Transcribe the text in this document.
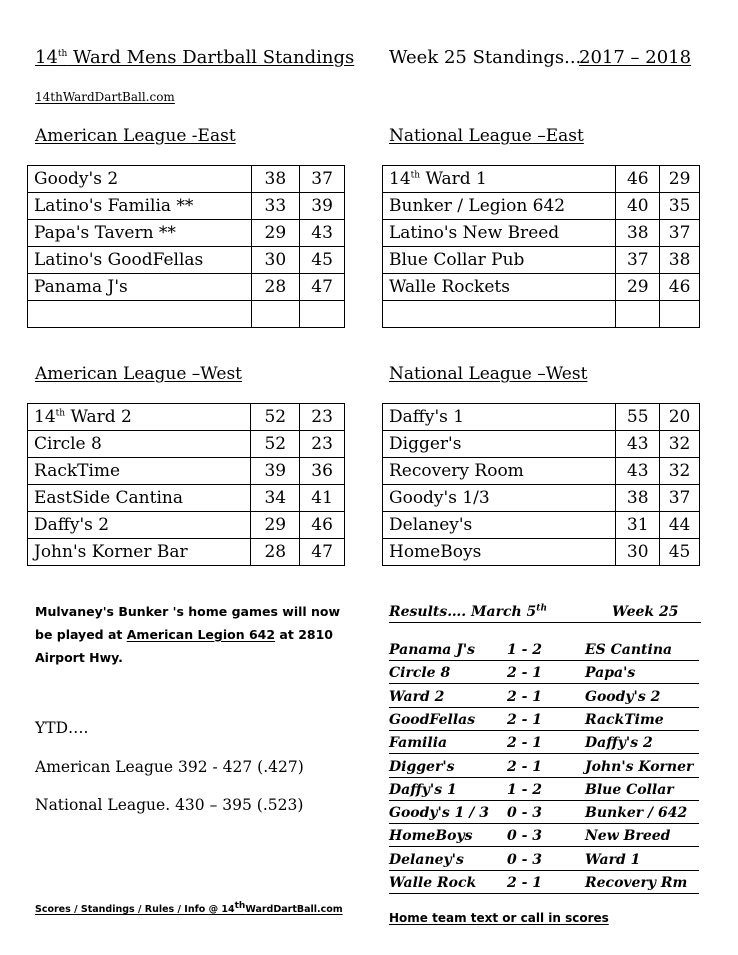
14th Ward Mens Dartball Standings Week 25 Standings...
2017 – 2018
14thWardDartBall.com
American League -East	National League –East
American League –West	National League –West
Goody's 2	38	37
Latino's Familia **	33	39
Papa's Tavern **	29	43
Latino's GoodFellas	30	45
Panama J's	28	47

14th Ward 1	46	29
Bunker / Legion 642	40	35
Latino's New Breed	38	37
Blue Collar Pub	37	38
Walle Rockets	29	46

14th Ward 2	52	23
Circle 8	52	23
RackTime	39	36
EastSide Cantina	34	41
Daffy's 2	29	46
John's Korner Bar	28	47
Daffy's 1	55	20
Digger's	43	32
Recovery Room	43	32
Goody's 1/3	38	37
Delaney's	31	44
HomeBoys	30	45
Mulvaney's Bunker 's home games will now
be played at American Legion 642 at 2810
Airport Hwy.
YTD….
American League 392 - 427 (.427)
National League. 430 – 395 (.523)
Scores / Standings / Rules / Info @ 14thWardDartBall.com
Results…. March 5th	Week 25
Panama J's 1 - 2	ES Cantina
Circle 8	2 - 1	Papa's
Ward 2	2 - 1	Goody's 2
GoodFellas 2 - 1	RackTime
Familia	2 - 1	Daffy's 2
Digger's	2 - 1	John's Korner
Daffy's 1	1 - 2	Blue Collar
Goody's 1 / 3 0 - 3	Bunker / 642
HomeBoys 0 - 3	New Breed
Delaney's	0 - 3	Ward 1
Walle Rock 2 - 1	Recovery Rm
Home team text or call in scores
